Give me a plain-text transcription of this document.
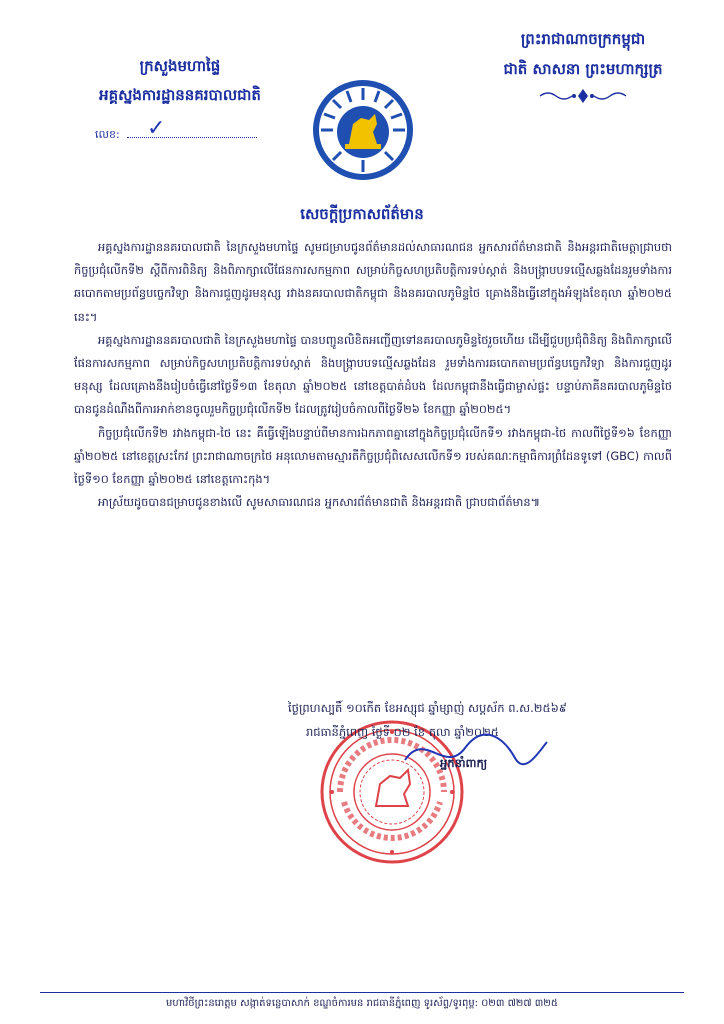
ក្រសួងមហាផ្ទៃ
អគ្គស្នងការដ្ឋាននគរបាលជាតិ
លេខ: ✓
ព្រះរាជាណាចក្រកម្ពុជា
ជាតិ សាសនា ព្រះមហាក្សត្រ
សេចក្តីប្រកាសព័ត៌មាន

អគ្គស្នងការដ្ឋាននគរបាលជាតិ នៃក្រសួងមហាផ្ទៃ សូមជម្រាបជូនព័ត៌មានដល់សាធារណជន អ្នកសារព័ត៌មានជាតិ និងអន្តរជាតិមេត្តាជ្រាបថា កិច្ចប្រជុំលើកទី២ ស្តីពីការពិនិត្យ និងពិភាក្សាលើផែនការសកម្មភាព សម្រាប់កិច្ចសហប្រតិបត្តិការទប់ស្កាត់ និងបង្ក្រាបបទល្មើសឆ្លងដែនរួមទាំងការឆបោកតាមប្រព័ន្ធបច្ចេកវិទ្យា និងការជួញដូរមនុស្ស រវាងនគរបាលជាតិកម្ពុជា និងនគរបាលភូមិន្ទថៃ គ្រោងនឹងធ្វើនៅក្នុងអំឡុងខែតុលា ឆ្នាំ២០២៥ នេះ។

អគ្គស្នងការដ្ឋាននគរបាលជាតិ នៃក្រសួងមហាផ្ទៃ បានបញ្ជូនលិខិតអញ្ជើញទៅនគរបាលភូមិន្ទថៃរួចហើយ ដើម្បីជួបប្រជុំពិនិត្យ និងពិភាក្សាលើផែនការសកម្មភាព សម្រាប់កិច្ចសហប្រតិបត្តិការទប់ស្កាត់ និងបង្ក្រាបបទល្មើសឆ្លងដែន រួមទាំងការឆបោកតាមប្រព័ន្ធបច្ចេកវិទ្យា និងការជួញដូរមនុស្ស ដែលគ្រោងនឹងរៀបចំធ្វើនៅថ្ងៃទី១៣ ខែតុលា ឆ្នាំ២០២៥ នៅខេត្តបាត់ដំបង ដែលកម្ពុជានឹងធ្វើជាម្ចាស់ផ្ទះ បន្ទាប់ភាគីនគរបាលភូមិន្ទថៃ បានជូនដំណឹងពីការអាក់ខានចូលរួមកិច្ចប្រជុំលើកទី២ ដែលត្រូវរៀបចំកាលពីថ្ងៃទី២៦ ខែកញ្ញា ឆ្នាំ២០២៥។

កិច្ចប្រជុំលើកទី២ រវាងកម្ពុជា-ថៃ នេះ គឺធ្វើឡើងបន្ទាប់ពីមានការឯកភាពគ្នានៅក្នុងកិច្ចប្រជុំលើកទី១ រវាងកម្ពុជា-ថៃ កាលពីថ្ងៃទី១៦ ខែកញ្ញា ឆ្នាំ២០២៥ នៅខេត្តស្រះកែវ ព្រះរាជាណាចក្រថៃ អនុលោមតាមស្មារតីកិច្ចប្រជុំពិសេសលើកទី១ របស់គណៈកម្មាធិការព្រំដែនទូទៅ (GBC) កាលពីថ្ងៃទី១០ ខែកញ្ញា ឆ្នាំ២០២៥ នៅខេត្តកោះកុង។

អាស្រ័យដូចបានជម្រាបជូនខាងលើ សូមសាធារណជន អ្នកសារព័ត៌មានជាតិ និងអន្តរជាតិ ជ្រាបជាព័ត៌មាន៕

ថ្ងៃព្រហស្បតិ៍ ១០កើត ខែអស្សុជ ឆ្នាំម្សាញ់ សប្តស័ក ព.ស.២៥៦៩
រាជធានីភ្នំពេញ ថ្ងៃទី ០២ ខែ តុលា ឆ្នាំ២០២៥
អ្នកនាំពាក្យ
មហាវិថីព្រះនរោត្តម សង្កាត់ទន្លេបាសាក់ ខណ្ឌចំការមន រាជធានីភ្នំពេញ ទូរស័ព្ទ/ទូរពុម្ព: ០២៣ ៧២៧ ៣២៥
